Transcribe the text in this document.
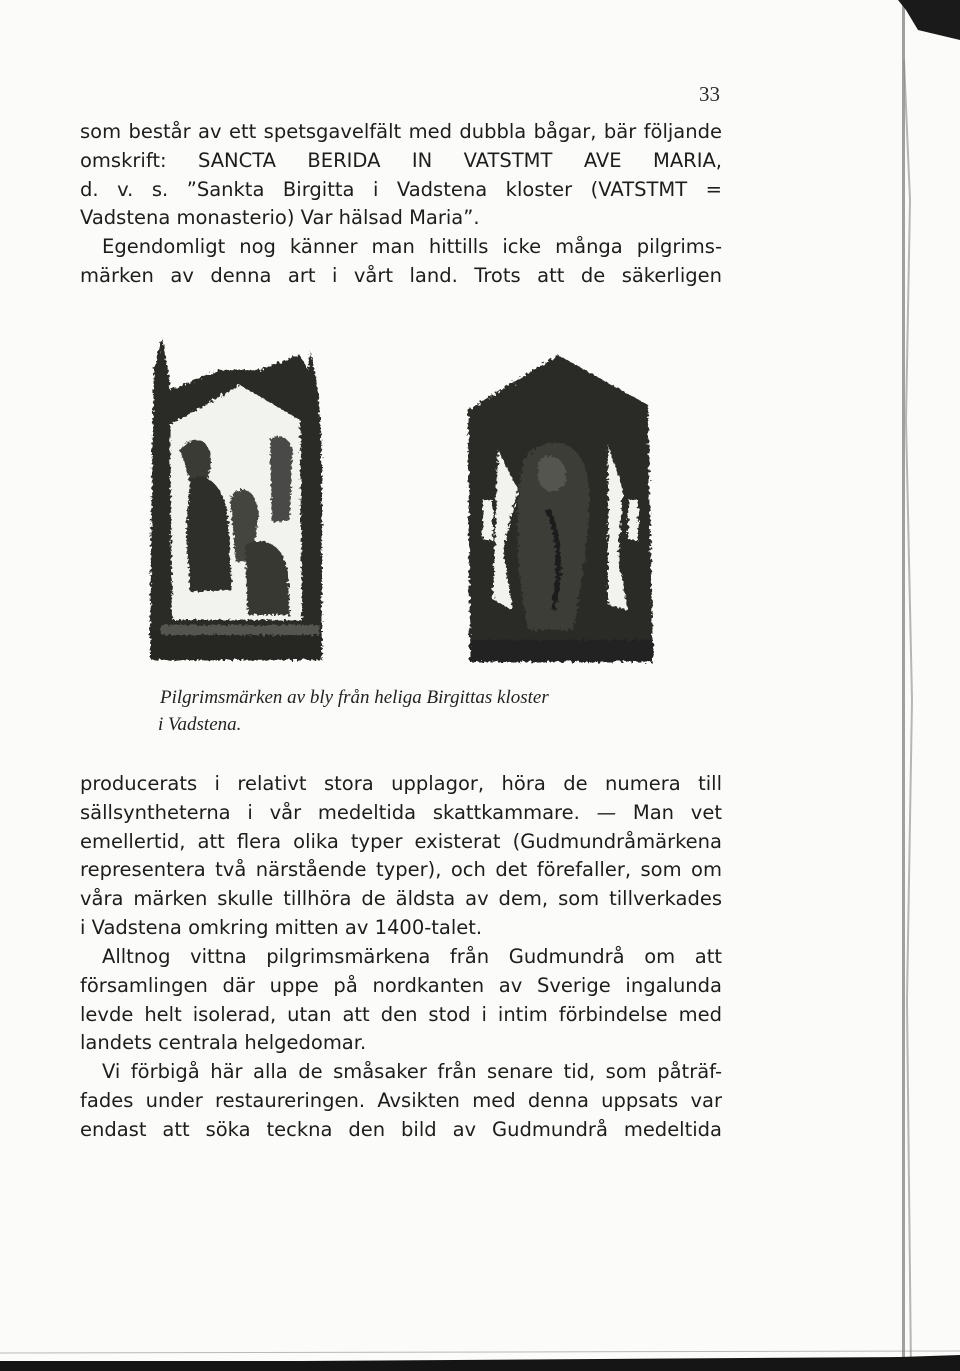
33
som består av ett spetsgavelfält med dubbla bågar, bär följande
omskrift: SANCTA BERIDA IN VATSTMT AVE MARIA,
d. v. s. ”Sankta Birgitta i Vadstena kloster (VATSTMT =
Vadstena monasterio) Var hälsad Maria”.
Egendomligt nog känner man hittills icke många pilgrims-
märken av denna art i vårt land. Trots att de säkerligen
Pilgrimsmärken av bly från heliga Birgittas kloster
i Vadstena.
producerats i relativt stora upplagor, höra de numera till
sällsyntheterna i vår medeltida skattkammare. — Man vet
emellertid, att flera olika typer existerat (Gudmundråmärkena
representera två närstående typer), och det förefaller, som om
våra märken skulle tillhöra de äldsta av dem, som tillverkades
i Vadstena omkring mitten av 1400-talet.
Alltnog vittna pilgrimsmärkena från Gudmundrå om att
församlingen där uppe på nordkanten av Sverige ingalunda
levde helt isolerad, utan att den stod i intim förbindelse med
landets centrala helgedomar.
Vi förbigå här alla de småsaker från senare tid, som påträf-
fades under restaureringen. Avsikten med denna uppsats var
endast att söka teckna den bild av Gudmundrå medeltida
